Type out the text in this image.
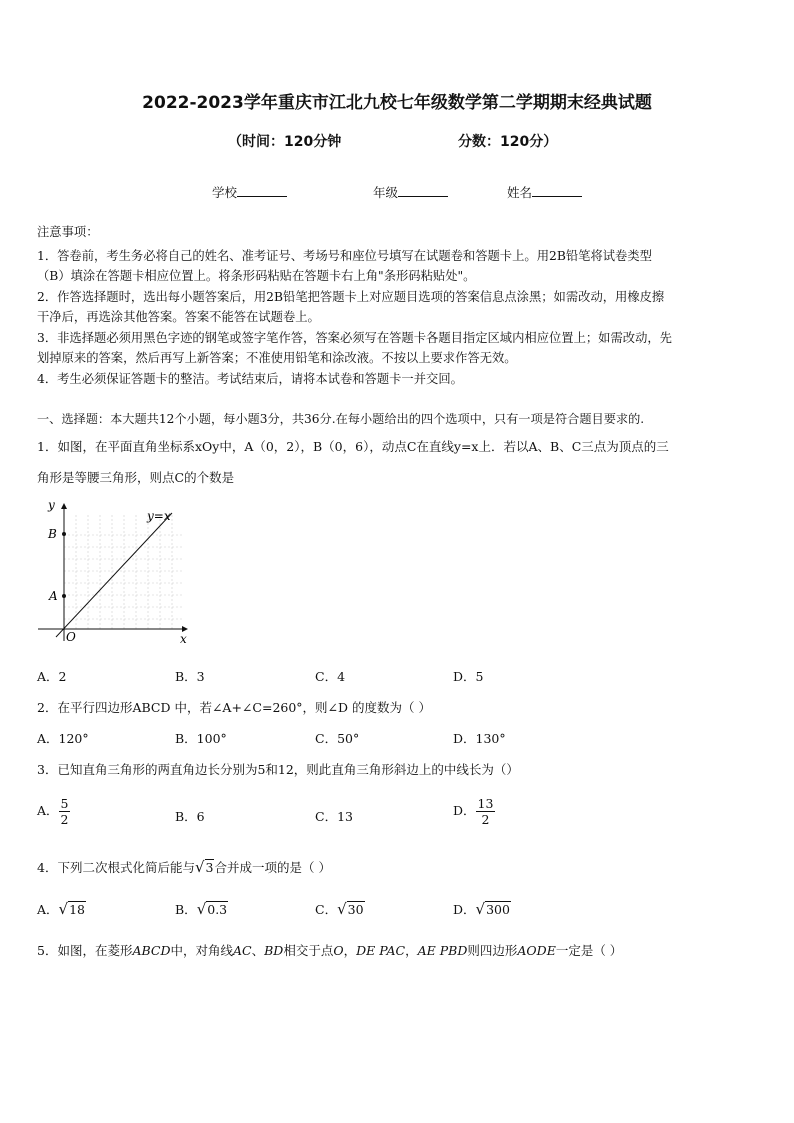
2022-2023学年重庆市江北九校七年级数学第二学期期末经典试题
（时间：120分钟	分数：120分）
学校	年级	姓名
注意事项：
1．答卷前，考生务必将自己的姓名、准考证号、考场号和座位号填写在试题卷和答题卡上。用2B铅笔将试卷类型
（B）填涂在答题卡相应位置上。将条形码粘贴在答题卡右上角"条形码粘贴处"。
2．作答选择题时，选出每小题答案后，用2B铅笔把答题卡上对应题目选项的答案信息点涂黑；如需改动，用橡皮擦
干净后，再选涂其他答案。答案不能答在试题卷上。
3．非选择题必须用黑色字迹的钢笔或签字笔作答，答案必须写在答题卡各题目指定区域内相应位置上；如需改动，先
划掉原来的答案，然后再写上新答案；不准使用铅笔和涂改液。不按以上要求作答无效。
4．考生必须保证答题卡的整洁。考试结束后，请将本试卷和答题卡一并交回。
一、选择题：本大题共12个小题，每小题3分，共36分.在每小题给出的四个选项中，只有一项是符合题目要求的.
1．如图，在平面直角坐标系xOy中，A（0，2），B（0，6），动点C在直线y=x上．若以A、B、C三点为顶点的三
角形是等腰三角形，则点C的个数是
y
x
O
B
A
y=x
A．2	B．3	C．4	D．5
2．在平行四边形ABCD 中，若∠A+∠C=260°，则∠D 的度数为（ ）
A．120°	B．100°	C．50°	D．130°
3．已知直角三角形的两直角边长分别为5和12，则此直角三角形斜边上的中线长为（）
A． $\frac{5}{2}$	B．6	C．13	D． $\frac{13}{2}$
4．下列二次根式化简后能与√3合并成一项的是（ ）
A．√18	B．√0.3	C．√30	D．√300
5．如图，在菱形ABCD中，对角线AC、BD相交于点O，DE PAC，AE PBD则四边形AODE一定是（ ）
